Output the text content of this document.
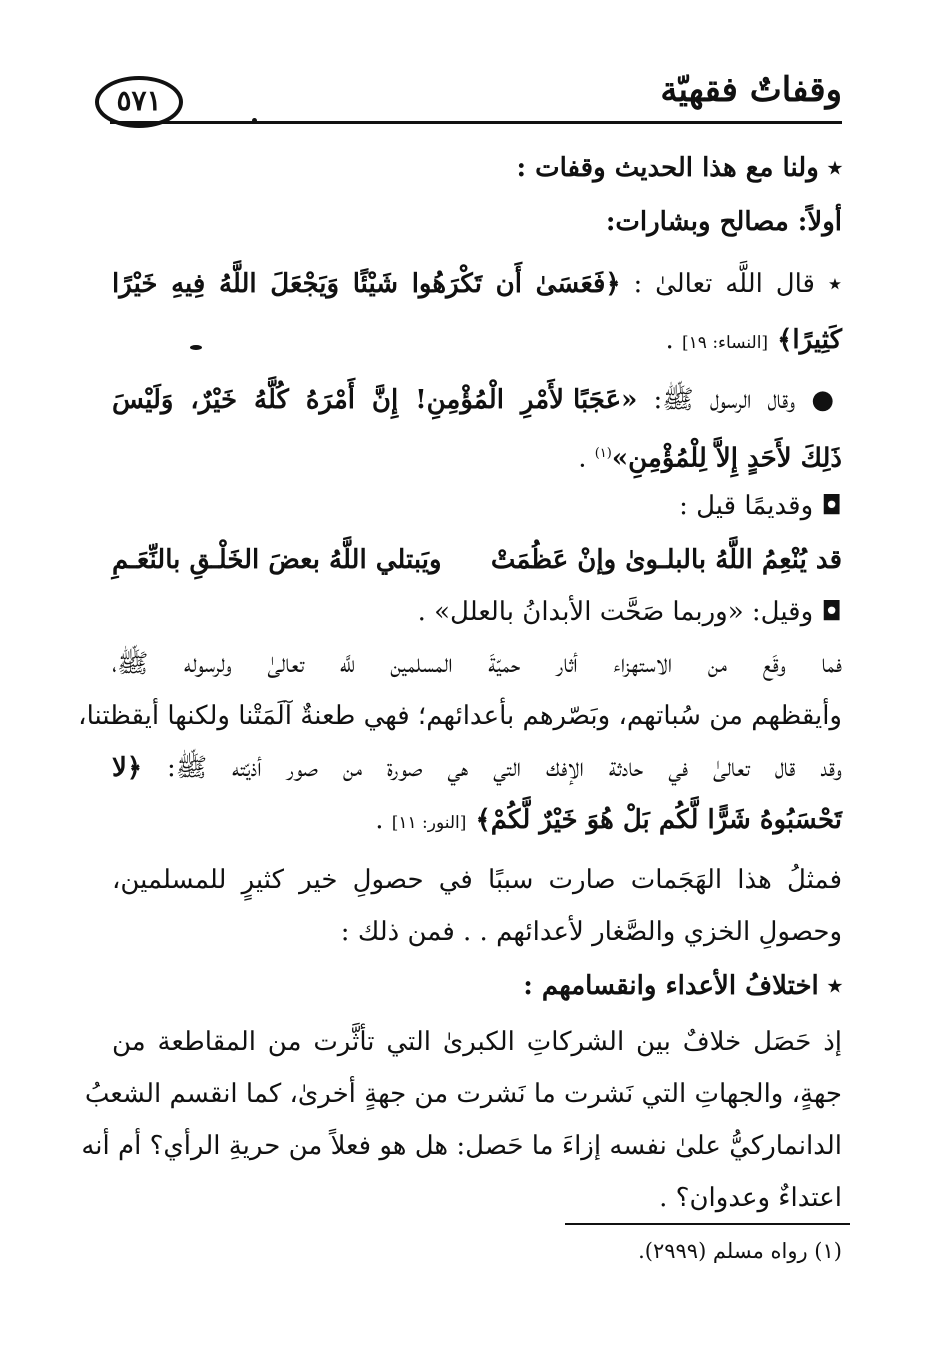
وقفاتٌ فقهيّة
٥٧١
٭ ولنا مع هذا الحديث وقفات :
أولاً: مصالح وبشارات:
٭ قال اللَّه تعالىٰ : ﴿فَعَسَىٰ أَن تَكْرَهُوا شَيْئًا وَيَجْعَلَ اللَّهُ فِيهِ خَيْرًا
كَثِيرًا﴾ [النساء: ١٩] .
● وقال الرسول ﷺ: «عَجَبًا لأَمْرِ الْمُؤْمِنِ! إِنَّ أَمْرَهُ كُلَّهُ خَيْرٌ، وَلَيْسَ
ذَلِكَ لأَحَدٍ إِلاَّ لِلْمُؤْمِنِ»$^{(١)}$ .
◘ وقديمًا قيل :
قد يُنْعِمُ اللَّهُ بالبلـوىٰ وإنْ عَظُمَتْ
ويَبتلي اللَّهُ بعضَ الخَلْـقِ بالنِّعَـمِ
◘ وقيل: «وربما صَحَّت الأبدانُ بالعلل» .
فما وقَع من الاستهزاء أثار حميّةَ المسلمين للَّه تعالىٰ ولرسوله ﷺ،
وأيقظهم من سُباتهم، وبَصّرهم بأعدائهم؛ فهي طعنةٌ آلَمَتْنا ولكنها أيقظتنا،
وقد قال تعالىٰ في حادثة الإفك التي هي صورة من صور أذيّته ﷺ: ﴿لا
تَحْسَبُوهُ شَرًّا لَّكُم بَلْ هُوَ خَيْرٌ لَّكُمْ﴾ [النور: ١١] .
فمثلُ هذا الهَجَمات صارت سببًا في حصولِ خير كثيرٍ للمسلمين،
وحصولِ الخزي والصَّغار لأعدائهم . . فمن ذلك :
٭ اختلافُ الأعداء وانقسامهم :
إذ حَصَل خلافٌ بين الشركاتِ الكبرىٰ التي تأثَّرت من المقاطعة من
جهةٍ، والجهاتِ التي نَشرت ما نَشرت من جهةٍ أخرىٰ، كما انقسم الشعبُ
الدانماركيُّ علىٰ نفسه إزاءَ ما حَصل: هل هو فعلاً من حريةِ الرأي؟ أم أنه
اعتداءٌ وعدوان؟ .
(١) رواه مسلم (٢٩٩٩).
